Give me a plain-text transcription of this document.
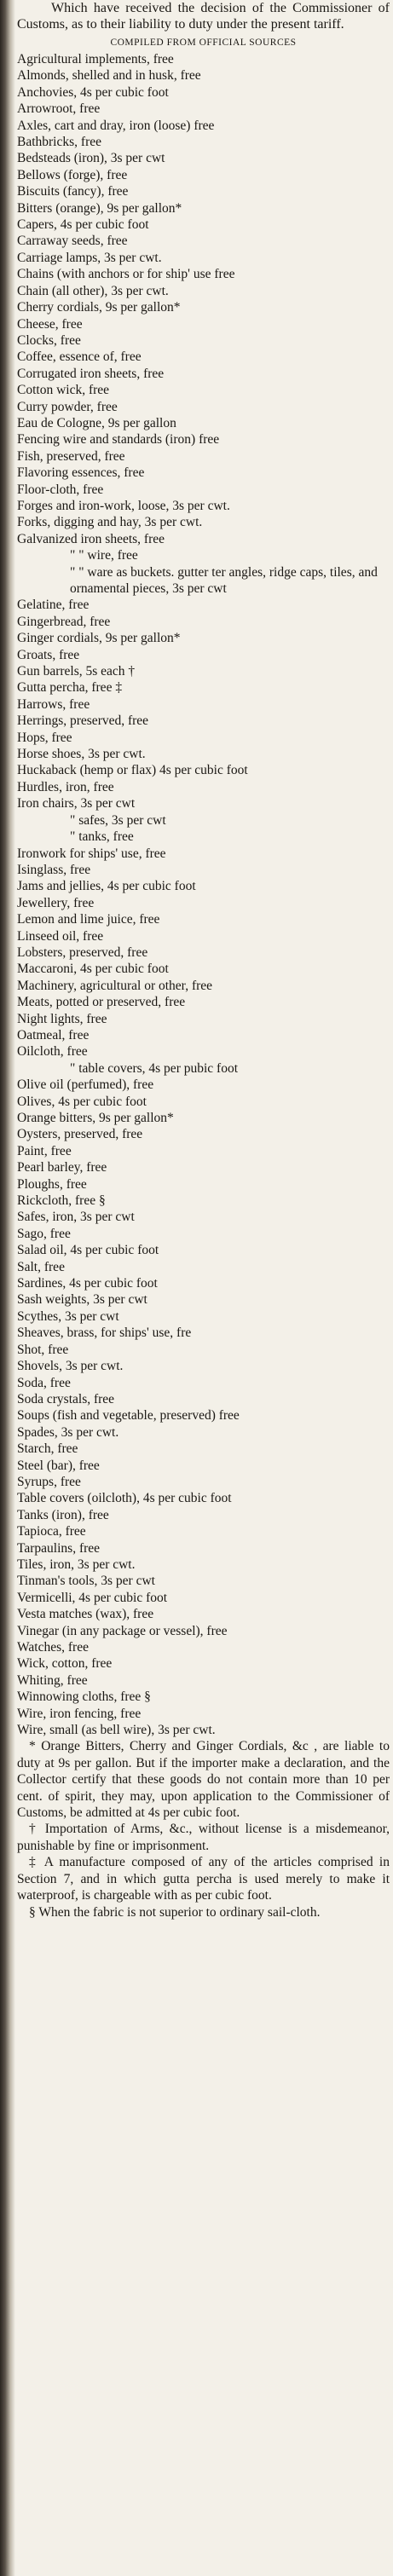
Which have received the decision of the Commissioner of Customs, as to their liability to duty under the present tariff.

COMPILED FROM OFFICIAL SOURCES

Agricultural implements, free

Almonds, shelled and in husk, free

Anchovies, 4s per cubic foot

Arrowroot, free

Axles, cart and dray, iron (loose) free

Bathbricks, free

Bedsteads (iron), 3s per cwt

Bellows (forge), free

Biscuits (fancy), free

Bitters (orange), 9s per gallon*

Capers, 4s per cubic foot

Carraway seeds, free

Carriage lamps, 3s per cwt.

Chains (with anchors or for ship' use free

Chain (all other), 3s per cwt.

Cherry cordials, 9s per gallon*

Cheese, free

Clocks, free

Coffee, essence of, free

Corrugated iron sheets, free

Cotton wick, free

Curry powder, free

Eau de Cologne, 9s per gallon

Fencing wire and standards (iron) free

Fish, preserved, free

Flavoring essences, free

Floor-cloth, free

Forges and iron-work, loose, 3s per cwt.

Forks, digging and hay, 3s per cwt.

Galvanized iron sheets, free

" " wire, free

" " ware as buckets. gutter ter angles, ridge caps, tiles, and ornamental pieces, 3s per cwt

Gelatine, free

Gingerbread, free

Ginger cordials, 9s per gallon*

Groats, free

Gun barrels, 5s each †

Gutta percha, free ‡

Harrows, free

Herrings, preserved, free

Hops, free

Horse shoes, 3s per cwt.

Huckaback (hemp or flax) 4s per cubic foot

Hurdles, iron, free

Iron chairs, 3s per cwt

" safes, 3s per cwt

" tanks, free

Ironwork for ships' use, free

Isinglass, free

Jams and jellies, 4s per cubic foot

Jewellery, free

Lemon and lime juice, free

Linseed oil, free

Lobsters, preserved, free

Maccaroni, 4s per cubic foot

Machinery, agricultural or other, free

Meats, potted or preserved, free

Night lights, free

Oatmeal, free

Oilcloth, free

" table covers, 4s per pubic foot

Olive oil (perfumed), free

Olives, 4s per cubic foot

Orange bitters, 9s per gallon*

Oysters, preserved, free

Paint, free

Pearl barley, free

Ploughs, free

Rickcloth, free §

Safes, iron, 3s per cwt

Sago, free

Salad oil, 4s per cubic foot

Salt, free

Sardines, 4s per cubic foot

Sash weights, 3s per cwt

Scythes, 3s per cwt

Sheaves, brass, for ships' use, fre

Shot, free

Shovels, 3s per cwt.

Soda, free

Soda crystals, free

Soups (fish and vegetable, preserved) free

Spades, 3s per cwt.

Starch, free

Steel (bar), free

Syrups, free

Table covers (oilcloth), 4s per cubic foot

Tanks (iron), free

Tapioca, free

Tarpaulins, free

Tiles, iron, 3s per cwt.

Tinman's tools, 3s per cwt

Vermicelli, 4s per cubic foot

Vesta matches (wax), free

Vinegar (in any package or vessel), free

Watches, free

Wick, cotton, free

Whiting, free

Winnowing cloths, free §

Wire, iron fencing, free

Wire, small (as bell wire), 3s per cwt.

* Orange Bitters, Cherry and Ginger Cordials, &c , are liable to duty at 9s per gallon. But if the importer make a declaration, and the Collector certify that these goods do not contain more than 10 per cent. of spirit, they may, upon application to the Commissioner of Customs, be admitted at 4s per cubic foot.

† Importation of Arms, &c., without license is a misdemeanor, punishable by fine or imprisonment.

‡ A manufacture composed of any of the articles comprised in Section 7, and in which gutta percha is used merely to make it waterproof, is chargeable with as per cubic foot.

§ When the fabric is not superior to ordinary sail-cloth.
